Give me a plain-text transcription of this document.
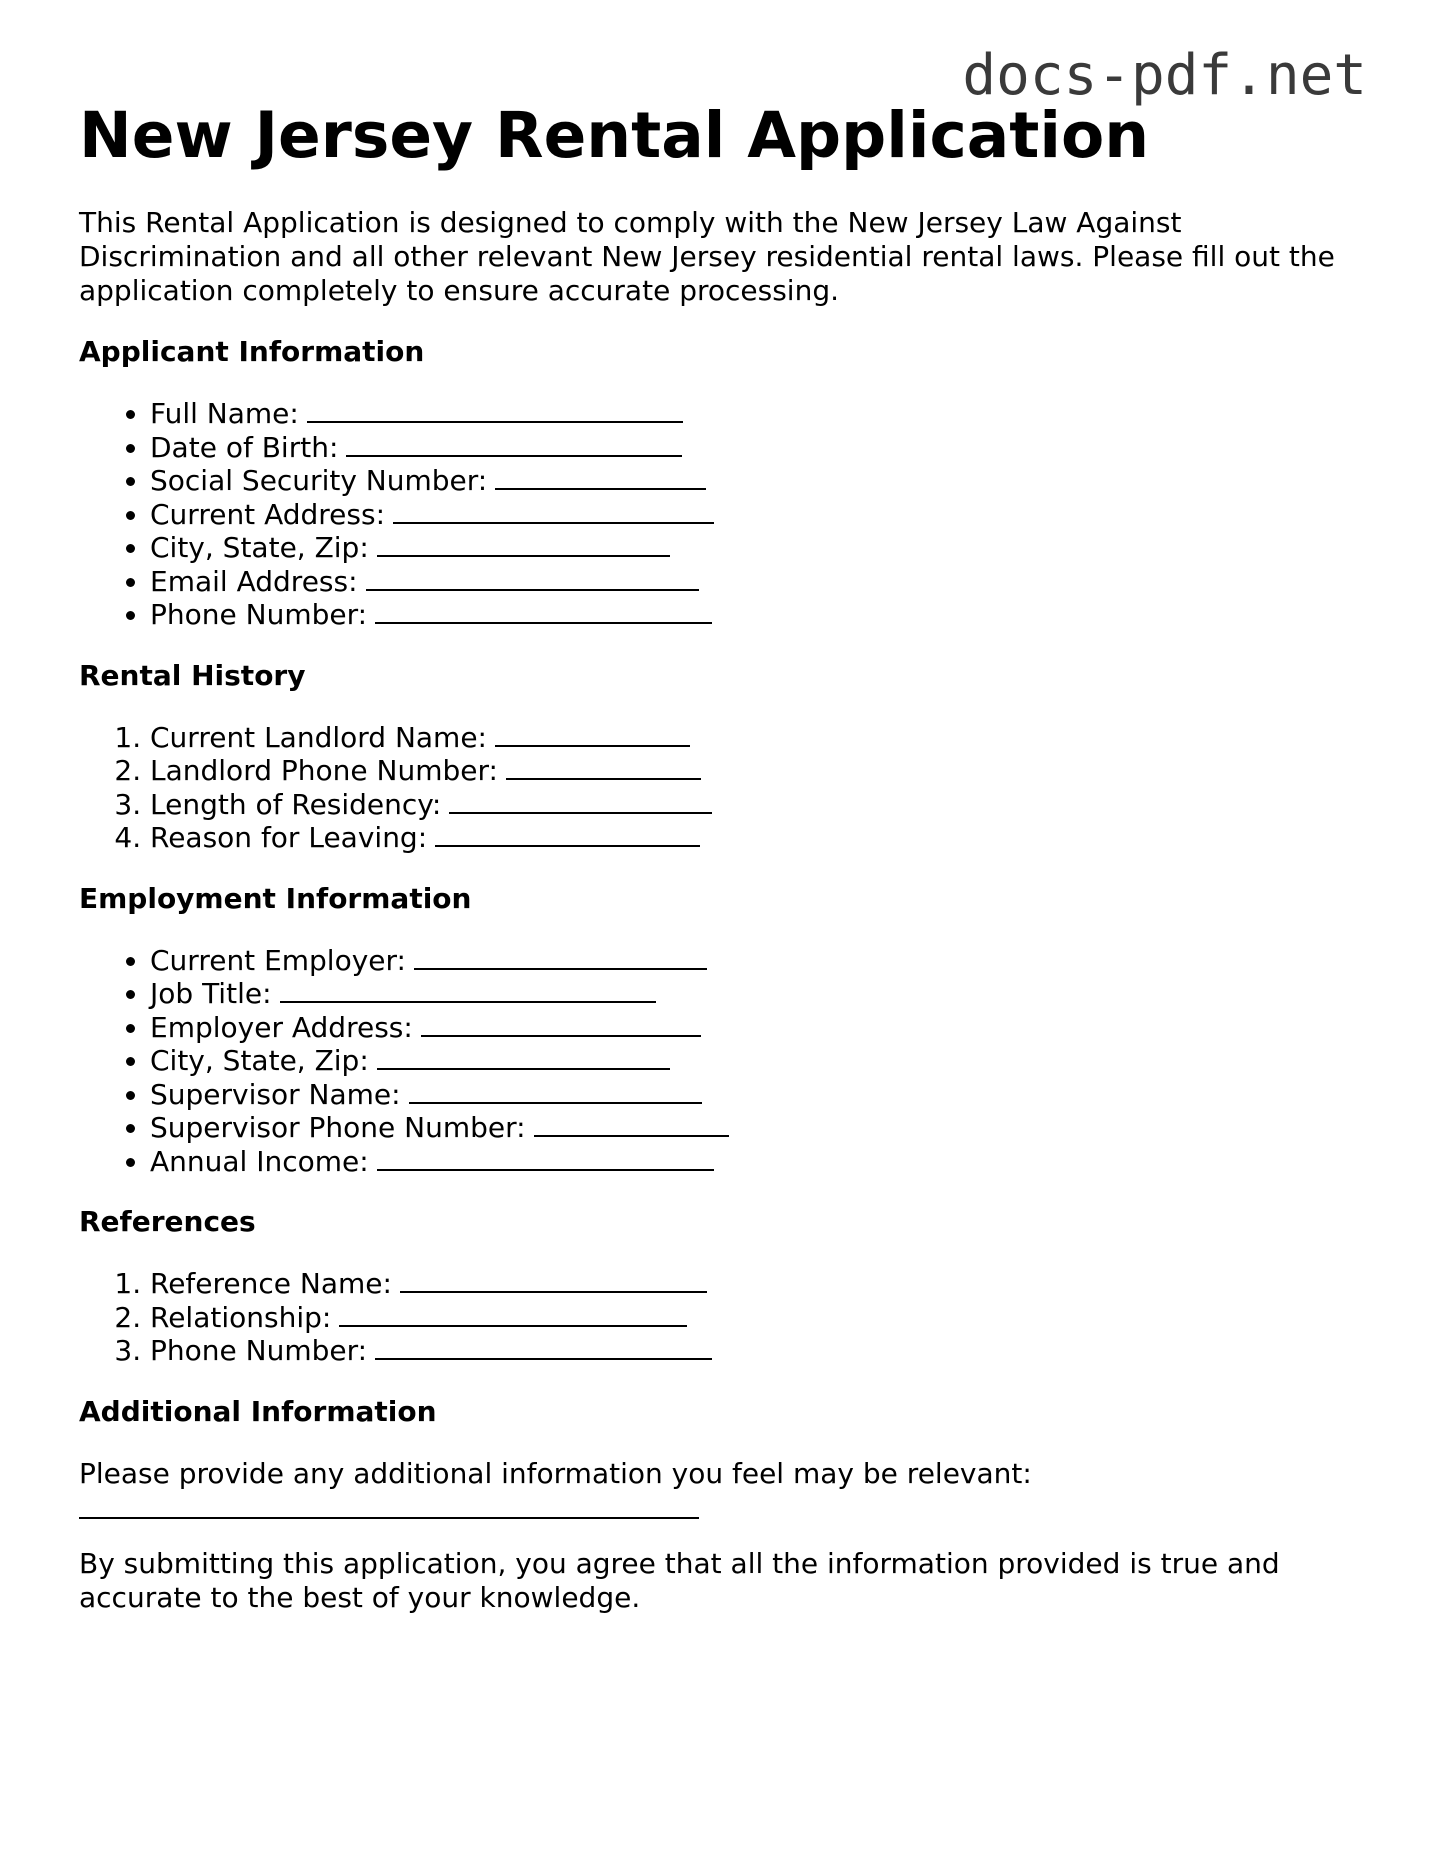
docs-pdf.net
New Jersey Rental Application

This Rental Application is designed to comply with the New Jersey Law Against Discrimination and all other relevant New Jersey residential rental laws. Please fill out the application completely to ensure accurate processing.

Applicant Information
• Full Name:
• Date of Birth:
• Social Security Number:
• Current Address:
• City, State, Zip:
• Email Address:
• Phone Number:
Rental History
1. Current Landlord Name:
2. Landlord Phone Number:
3. Length of Residency:
4. Reason for Leaving:
Employment Information
• Current Employer:
• Job Title:
• Employer Address:
• City, State, Zip:
• Supervisor Name:
• Supervisor Phone Number:
• Annual Income:
References
1. Reference Name:
2. Relationship:
3. Phone Number:
Additional Information

Please provide any additional information you feel may be relevant:

By submitting this application, you agree that all the information provided is true and accurate to the best of your knowledge.
